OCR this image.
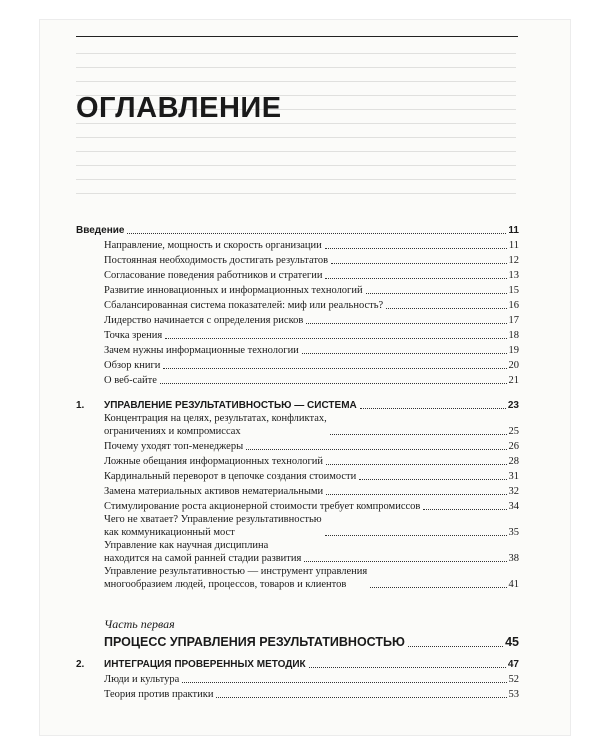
ОГЛАВЛЕНИЕ
Введение	11
Направление, мощность и скорость организации	11
Постоянная необходимость достигать результатов	12
Согласование поведения работников и стратегии	13
Развитие инновационных и информационных технологий	15
Сбалансированная система показателей: миф или реальность?	16
Лидерство начинается с определения рисков	17
Точка зрения	18
Зачем нужны информационные технологии	19
Обзор книги	20
О веб-сайте	21
1.	УПРАВЛЕНИЕ РЕЗУЛЬТАТИВНОСТЬЮ — СИСТЕМА	23
Концентрация на целях, результатах, конфликтах,
ограничениях и компромиссах	25
Почему уходят топ-менеджеры	26
Ложные обещания информационных технологий	28
Кардинальный переворот в цепочке создания стоимости	31
Замена материальных активов нематериальными	32
Стимулирование роста акционерной стоимости требует компромиссов	34
Чего не хватает? Управление результативностью
как коммуникационный мост	35
Управление как научная дисциплина
находится на самой ранней стадии развития	38
Управление результативностью — инструмент управления
многообразием людей, процессов, товаров и клиентов	41
Часть первая
ПРОЦЕСС УПРАВЛЕНИЯ РЕЗУЛЬТАТИВНОСТЬЮ	45
2.	ИНТЕГРАЦИЯ ПРОВЕРЕННЫХ МЕТОДИК	47
Люди и культура	52
Теория против практики	53
